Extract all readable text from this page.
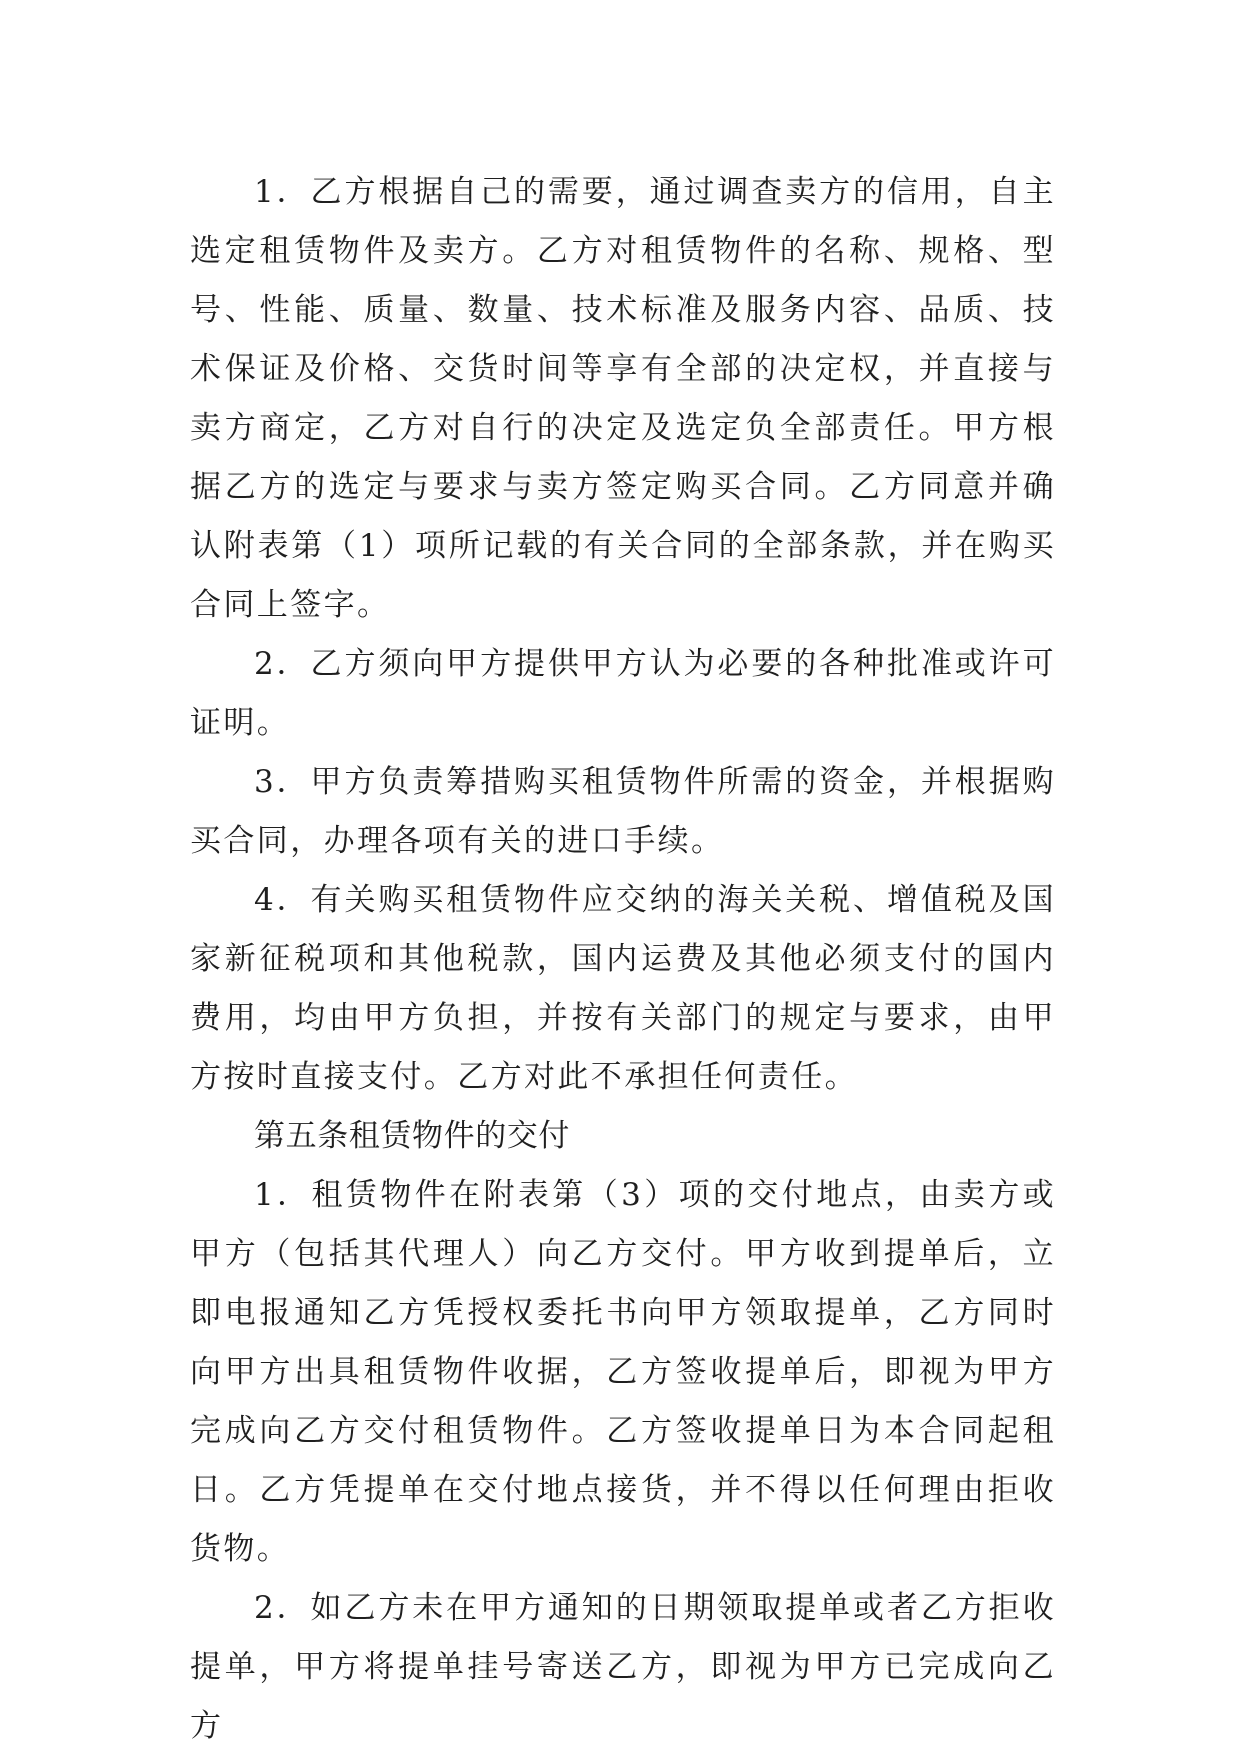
1．乙方根据自己的需要，通过调查卖方的信用，自主选定租赁物件及卖方。乙方对租赁物件的名称、规格、型号、性能、质量、数量、技术标准及服务内容、品质、技术保证及价格、交货时间等享有全部的决定权，并直接与卖方商定，乙方对自行的决定及选定负全部责任。甲方根据乙方的选定与要求与卖方签定购买合同。乙方同意并确认附表第（1）项所记载的有关合同的全部条款，并在购买合同上签字。

2．乙方须向甲方提供甲方认为必要的各种批准或许可证明。

3．甲方负责筹措购买租赁物件所需的资金，并根据购买合同，办理各项有关的进口手续。

4．有关购买租赁物件应交纳的海关关税、增值税及国家新征税项和其他税款，国内运费及其他必须支付的国内费用，均由甲方负担，并按有关部门的规定与要求，由甲方按时直接支付。乙方对此不承担任何责任。

第五条租赁物件的交付

1．租赁物件在附表第（3）项的交付地点，由卖方或甲方（包括其代理人）向乙方交付。甲方收到提单后，立即电报通知乙方凭授权委托书向甲方领取提单，乙方同时向甲方出具租赁物件收据，乙方签收提单后，即视为甲方完成向乙方交付租赁物件。乙方签收提单日为本合同起租日。乙方凭提单在交付地点接货，并不得以任何理由拒收货物。

2．如乙方未在甲方通知的日期领取提单或者乙方拒收提单，甲方将提单挂号寄送乙方，即视为甲方已完成向乙方
